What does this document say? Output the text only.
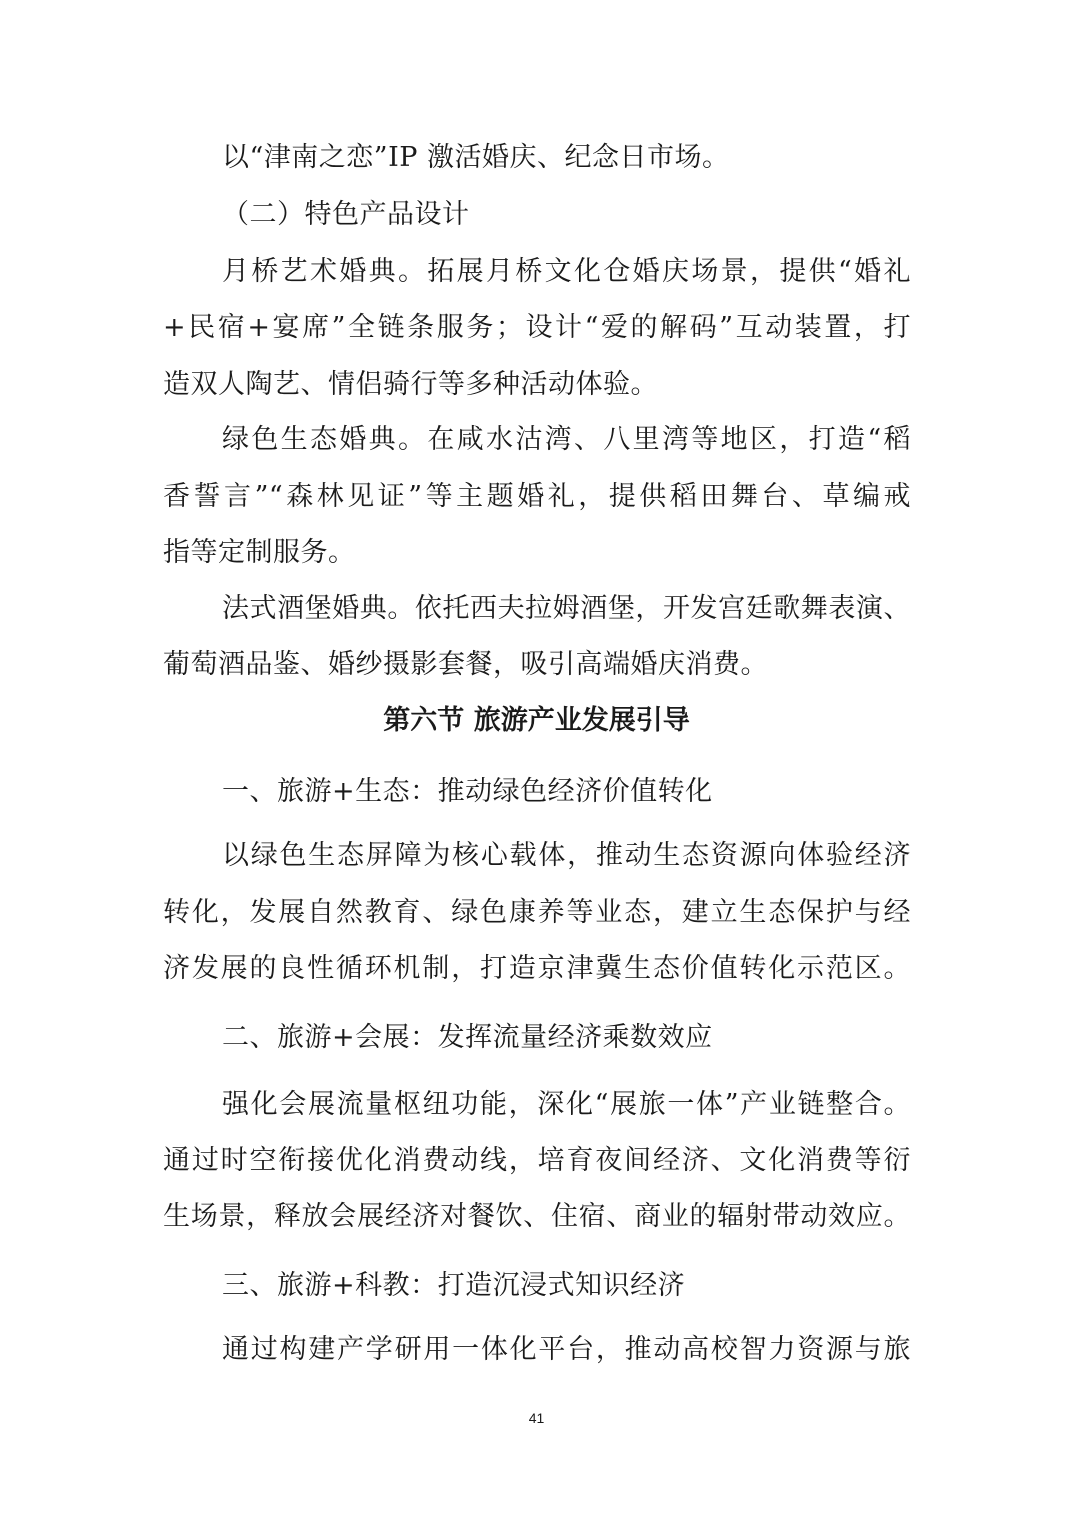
以“津南之恋”IP 激活婚庆、纪念日市场。
（二）特色产品设计
月桥艺术婚典。拓展月桥文化仓婚庆场景，提供“婚礼
+民宿+宴席”全链条服务；设计“爱的解码”互动装置，打
造双人陶艺、情侣骑行等多种活动体验。
绿色生态婚典。在咸水沽湾、八里湾等地区，打造“稻
香誓言”“森林见证”等主题婚礼，提供稻田舞台、草编戒
指等定制服务。
法式酒堡婚典。依托西夫拉姆酒堡，开发宫廷歌舞表演、
葡萄酒品鉴、婚纱摄影套餐，吸引高端婚庆消费。
第六节 旅游产业发展引导
一、旅游+生态：推动绿色经济价值转化
以绿色生态屏障为核心载体，推动生态资源向体验经济
转化，发展自然教育、绿色康养等业态，建立生态保护与经
济发展的良性循环机制，打造京津冀生态价值转化示范区。
二、旅游+会展：发挥流量经济乘数效应
强化会展流量枢纽功能，深化“展旅一体”产业链整合。
通过时空衔接优化消费动线，培育夜间经济、文化消费等衍
生场景，释放会展经济对餐饮、住宿、商业的辐射带动效应。
三、旅游+科教：打造沉浸式知识经济
通过构建产学研用一体化平台，推动高校智力资源与旅
41
